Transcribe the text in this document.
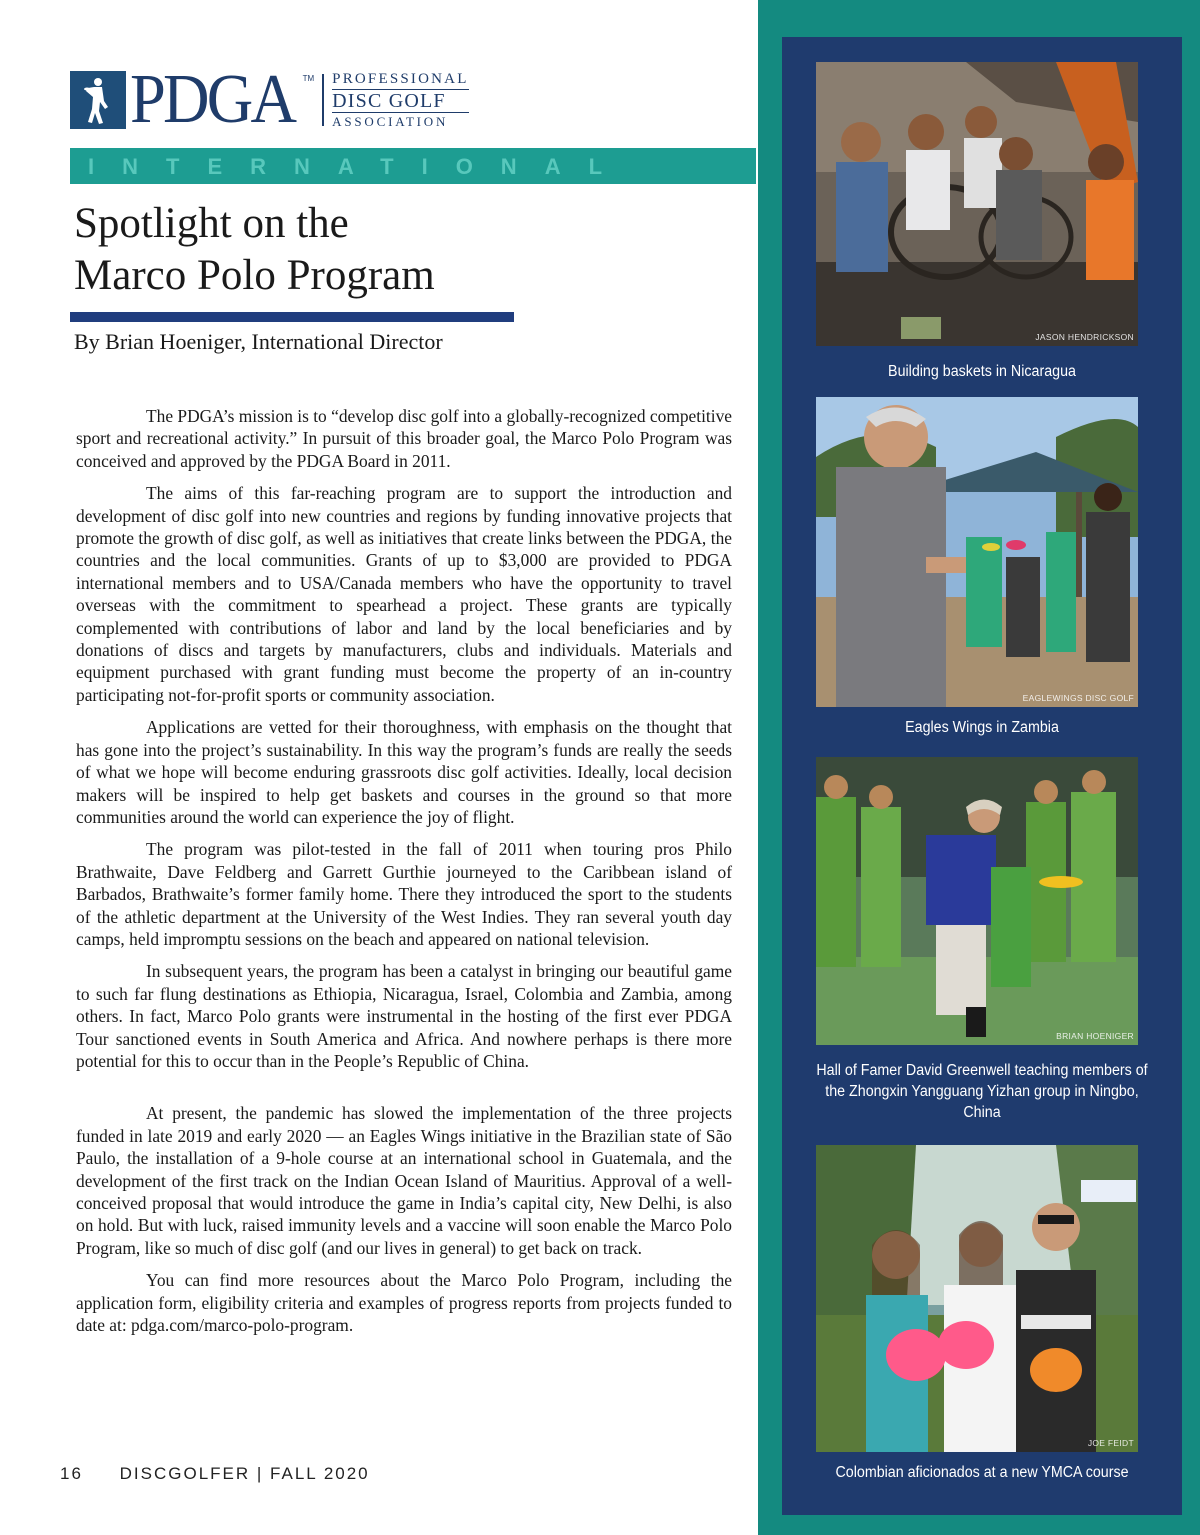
PDGA TM PROFESSIONAL
DISC GOLF
ASSOCIATION
INTERNATIONAL
Spotlight on the
Marco Polo Program
By Brian Hoeniger, International Director

The PDGA’s mission is to “develop disc golf into a globally-recognized competitive sport and recreational activity.” In pursuit of this broader goal, the Marco Polo Program was conceived and approved by the PDGA Board in 2011.

The aims of this far-reaching program are to support the introduction and development of disc golf into new countries and regions by funding innovative projects that promote the growth of disc golf, as well as initiatives that create links between the PDGA, the countries and the local communities. Grants of up to $3,000 are provided to PDGA international members and to USA/Canada members who have the opportunity to travel overseas with the commitment to spearhead a project. These grants are typically complemented with contributions of labor and land by the local beneficiaries and by donations of discs and targets by manufacturers, clubs and individuals. Materials and equipment purchased with grant funding must become the property of an in-country participating not-for-profit sports or community association.

Applications are vetted for their thoroughness, with emphasis on the thought that has gone into the project’s sustainability. In this way the program’s funds are really the seeds of what we hope will become enduring grassroots disc golf activities. Ideally, local decision makers will be inspired to help get baskets and courses in the ground so that more communities around the world can experience the joy of flight.

The program was pilot-tested in the fall of 2011 when touring pros Philo Brathwaite, Dave Feldberg and Garrett Gurthie journeyed to the Caribbean island of Barbados, Brathwaite’s former family home. There they introduced the sport to the students of the athletic department at the University of the West Indies. They ran several youth day camps, held impromptu sessions on the beach and appeared on national television.

In subsequent years, the program has been a catalyst in bringing our beautiful game to such far flung destinations as Ethiopia, Nicaragua, Israel, Colombia and Zambia, among others. In fact, Marco Polo grants were instrumental in the hosting of the first ever PDGA Tour sanctioned events in South America and Africa. And nowhere perhaps is there more potential for this to occur than in the People’s Republic of China.

At present, the pandemic has slowed the implementation of the three projects funded in late 2019 and early 2020 — an Eagles Wings initiative in the Brazilian state of São Paulo, the installation of a 9-hole course at an international school in Guatemala, and the development of the first track on the Indian Ocean Island of Mauritius. Approval of a well-conceived proposal that would introduce the game in India’s capital city, New Delhi, is also on hold. But with luck, raised immunity levels and a vaccine will soon enable the Marco Polo Program, like so much of disc golf (and our lives in general) to get back on track.

You can find more resources about the Marco Polo Program, including the application form, eligibility criteria and examples of progress reports from projects funded to date at: pdga.com/marco-polo-program.

16 DISCGOLFER | FALL 2020
JASON HENDRICKSON
Building baskets in Nicaragua
EAGLEWINGS DISC GOLF
Eagles Wings in Zambia
BRIAN HOENIGER
Hall of Famer David Greenwell teaching members of the Zhongxin Yangguang Yizhan group in Ningbo, China
JOE FEIDT
Colombian aficionados at a new YMCA course
